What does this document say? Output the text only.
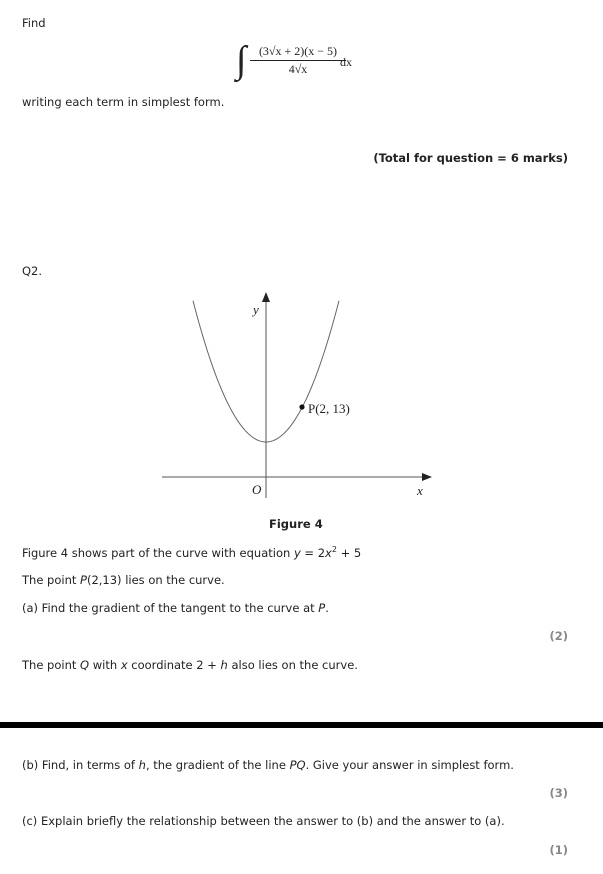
Find
∫ $\frac{(3√x + 2)(x - 5)}{4√x}$
dx
writing each term in simplest form.
(Total for question = 6 marks)
Q2.
P(2, 13)
y
x
O
Figure 4
Figure 4 shows part of the curve with equation $y = 2x^2 + 5$
The point P(2,13) lies on the curve.
(a) Find the gradient of the tangent to the curve at P.
(2)
The point Q with x coordinate 2 + h also lies on the curve.
(b) Find, in terms of h, the gradient of the line PQ. Give your answer in simplest form.
(3)
(c) Explain briefly the relationship between the answer to (b) and the answer to (a).
(1)
